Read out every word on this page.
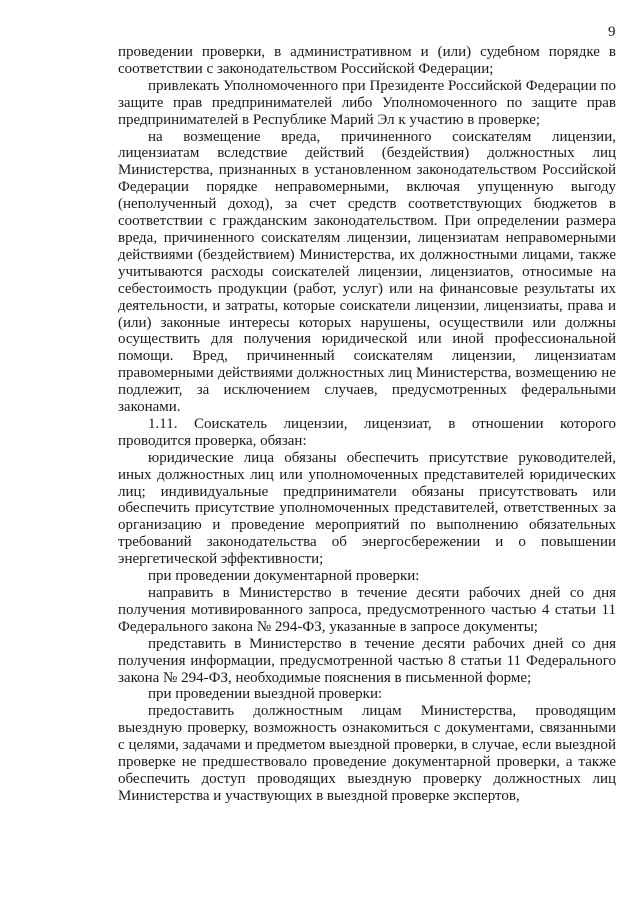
9

проведении проверки, в административном и (или) судебном порядке в соответствии с законодательством Российской Федерации;

привлекать Уполномоченного при Президенте Российской Федерации по защите прав предпринимателей либо Уполномоченного по защите прав предпринимателей в Республике Марий Эл к участию в проверке;

на возмещение вреда, причиненного соискателям лицензии, лицензиатам вследствие действий (бездействия) должностных лиц Министерства, признанных в установленном законодательством Российской Федерации порядке неправомерными, включая упущенную выгоду (неполученный доход), за счет средств соответствующих бюджетов в соответствии с гражданским законодательством. При определении размера вреда, причиненного соискателям лицензии, лицензиатам неправомерными действиями (бездействием) Министерства, их должностными лицами, также учитываются расходы соискателей лицензии, лицензиатов, относимые на себестоимость продукции (работ, услуг) или на финансовые результаты их деятельности, и затраты, которые соискатели лицензии, лицензиаты, права и (или) законные интересы которых нарушены, осуществили или должны осуществить для получения юридической или иной профессиональной помощи. Вред, причиненный соискателям лицензии, лицензиатам правомерными действиями должностных лиц Министерства, возмещению не подлежит, за исключением случаев, предусмотренных федеральными законами.

1.11. Соискатель лицензии, лицензиат, в отношении которого проводится проверка, обязан:

юридические лица обязаны обеспечить присутствие руководителей, иных должностных лиц или уполномоченных представителей юридических лиц; индивидуальные предприниматели обязаны присутствовать или обеспечить присутствие уполномоченных представителей, ответственных за организацию и проведение мероприятий по выполнению обязательных требований законодательства об энергосбережении и о повышении энергетической эффективности;

при проведении документарной проверки:

направить в Министерство в течение десяти рабочих дней со дня получения мотивированного запроса, предусмотренного частью 4 статьи 11 Федерального закона № 294-ФЗ, указанные в запросе документы;

представить в Министерство в течение десяти рабочих дней со дня получения информации, предусмотренной частью 8 статьи 11 Федерального закона № 294-ФЗ, необходимые пояснения в письменной форме;

при проведении выездной проверки:

предоставить должностным лицам Министерства, проводящим выездную проверку, возможность ознакомиться с документами, связанными с целями, задачами и предметом выездной проверки, в случае, если выездной проверке не предшествовало проведение документарной проверки, а также обеспечить доступ проводящих выездную проверку должностных лиц Министерства и участвующих в выездной проверке экспертов,
